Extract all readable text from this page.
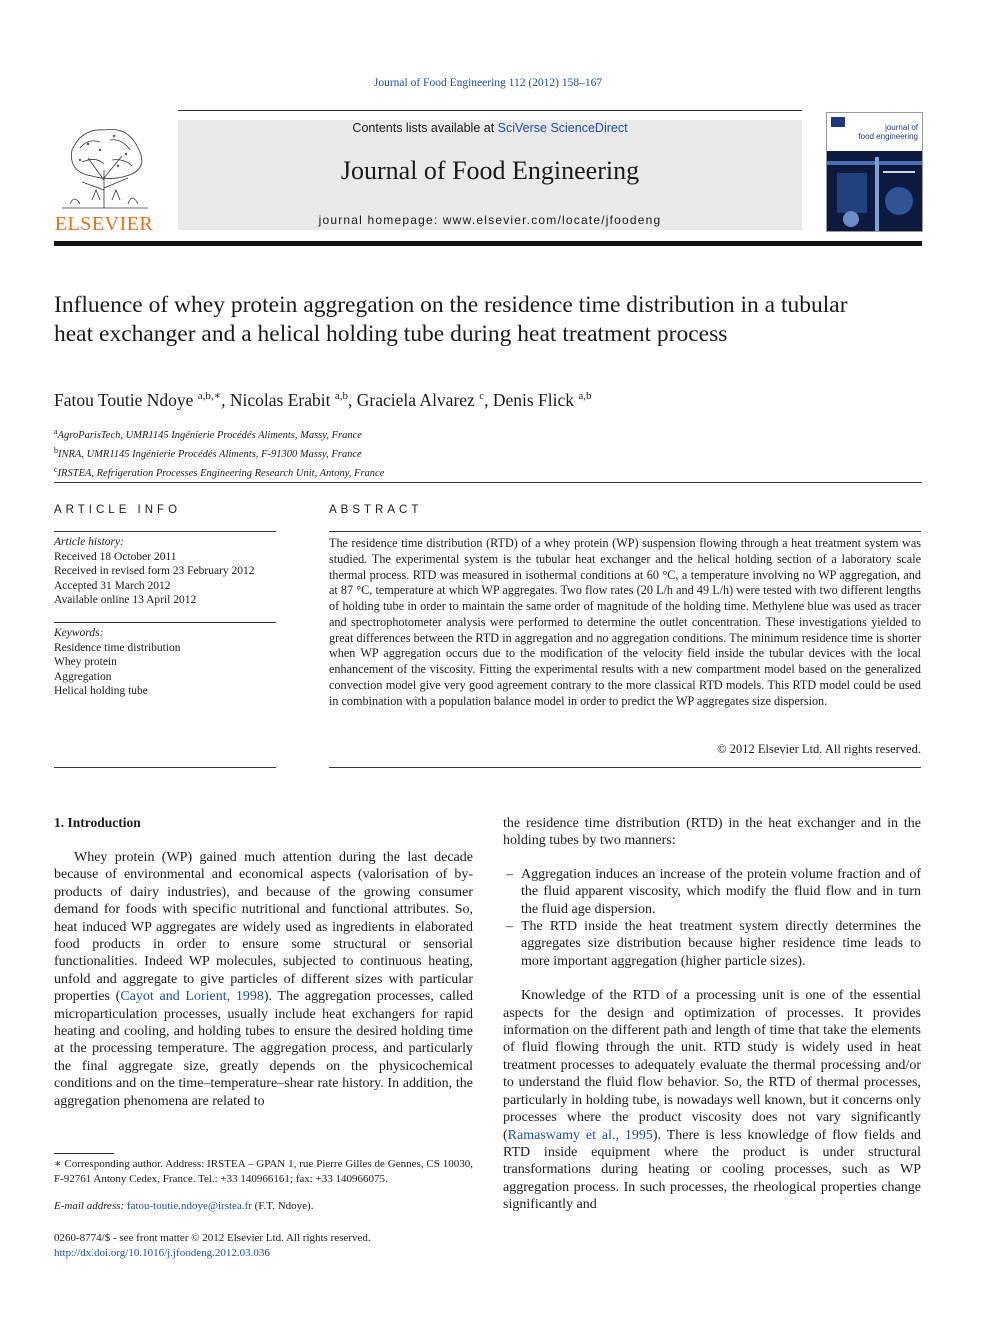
Journal of Food Engineering 112 (2012) 158–167
ELSEVIER
Contents lists available at SciVerse ScienceDirect
Journal of Food Engineering
journal homepage: www.elsevier.com/locate/jfoodeng
journal of
food engineering
Influence of whey protein aggregation on the residence time distribution in a tubular heat exchanger and a helical holding tube during heat treatment process
Fatou Toutie Ndoye $^{a,b,∗}$, Nicolas Erabit $^{a,b}$, Graciela Alvarez $^c$, Denis Flick $^{a,b}$
$^a$AgroParisTech, UMR1145 Ingénierie Procédés Aliments, Massy, France
$^b$INRA, UMR1145 Ingénierie Procédés Aliments, F-91300 Massy, France
$^c$IRSTEA, Refrigeration Processes Engineering Research Unit, Antony, France
ARTICLE INFO
Article history:
Received 18 October 2011
Received in revised form 23 February 2012
Accepted 31 March 2012
Available online 13 April 2012
Keywords:
Residence time distribution
Whey protein
Aggregation
Helical holding tube
ABSTRACT
The residence time distribution (RTD) of a whey protein (WP) suspension flowing through a heat treatment system was studied. The experimental system is the tubular heat exchanger and the helical holding section of a laboratory scale thermal process. RTD was measured in isothermal conditions at 60 °C, a temperature involving no WP aggregation, and at 87 °C, temperature at which WP aggregates. Two flow rates (20 L/h and 49 L/h) were tested with two different lengths of holding tube in order to maintain the same order of magnitude of the holding time. Methylene blue was used as tracer and spectrophotometer analysis were performed to determine the outlet concentration. These investigations yielded to great differences between the RTD in aggregation and no aggregation conditions. The minimum residence time is shorter when WP aggregation occurs due to the modification of the velocity field inside the tubular devices with the local enhancement of the viscosity. Fitting the experimental results with a new compartment model based on the generalized convection model give very good agreement contrary to the more classical RTD models. This RTD model could be used in combination with a population balance model in order to predict the WP aggregates size dispersion.
© 2012 Elsevier Ltd. All rights reserved.
1. Introduction

Whey protein (WP) gained much attention during the last decade because of environmental and economical aspects (valorisation of by-products of dairy industries), and because of the growing consumer demand for foods with specific nutritional and functional attributes. So, heat induced WP aggregates are widely used as ingredients in elaborated food products in order to ensure some structural or sensorial functionalities. Indeed WP molecules, subjected to continuous heating, unfold and aggregate to give particles of different sizes with particular properties (Cayot and Lorient, 1998). The aggregation processes, called microparticulation processes, usually include heat exchangers for rapid heating and cooling, and holding tubes to ensure the desired holding time at the processing temperature. The aggregation process, and particularly the final aggregate size, greatly depends on the physicochemical conditions and on the time–temperature–shear rate history. In addition, the aggregation phenomena are related to

the residence time distribution (RTD) in the heat exchanger and in the holding tubes by two manners:

– Aggregation induces an increase of the protein volume fraction and of the fluid apparent viscosity, which modify the fluid flow and in turn the fluid age dispersion.
– The RTD inside the heat treatment system directly determines the aggregates size distribution because higher residence time leads to more important aggregation (higher particle sizes).

Knowledge of the RTD of a processing unit is one of the essential aspects for the design and optimization of processes. It provides information on the different path and length of time that take the elements of fluid flowing through the unit. RTD study is widely used in heat treatment processes to adequately evaluate the thermal processing and/or to understand the fluid flow behavior. So, the RTD of thermal processes, particularly in holding tube, is nowadays well known, but it concerns only processes where the product viscosity does not vary significantly (Ramaswamy et al., 1995). There is less knowledge of flow fields and RTD inside equipment where the product is under structural transformations during heating or cooling processes, such as WP aggregation process. In such processes, the rheological properties change significantly and

∗ Corresponding author. Address: IRSTEA – GPAN 1, rue Pierre Gilles de Gennes, CS 10030, F-92761 Antony Cedex, France. Tel.: +33 140966161; fax: +33 140966075.
E-mail address: fatou-toutie.ndoye@irstea.fr (F.T. Ndoye).
0260-8774/$ - see front matter © 2012 Elsevier Ltd. All rights reserved.
http://dx.doi.org/10.1016/j.jfoodeng.2012.03.036
